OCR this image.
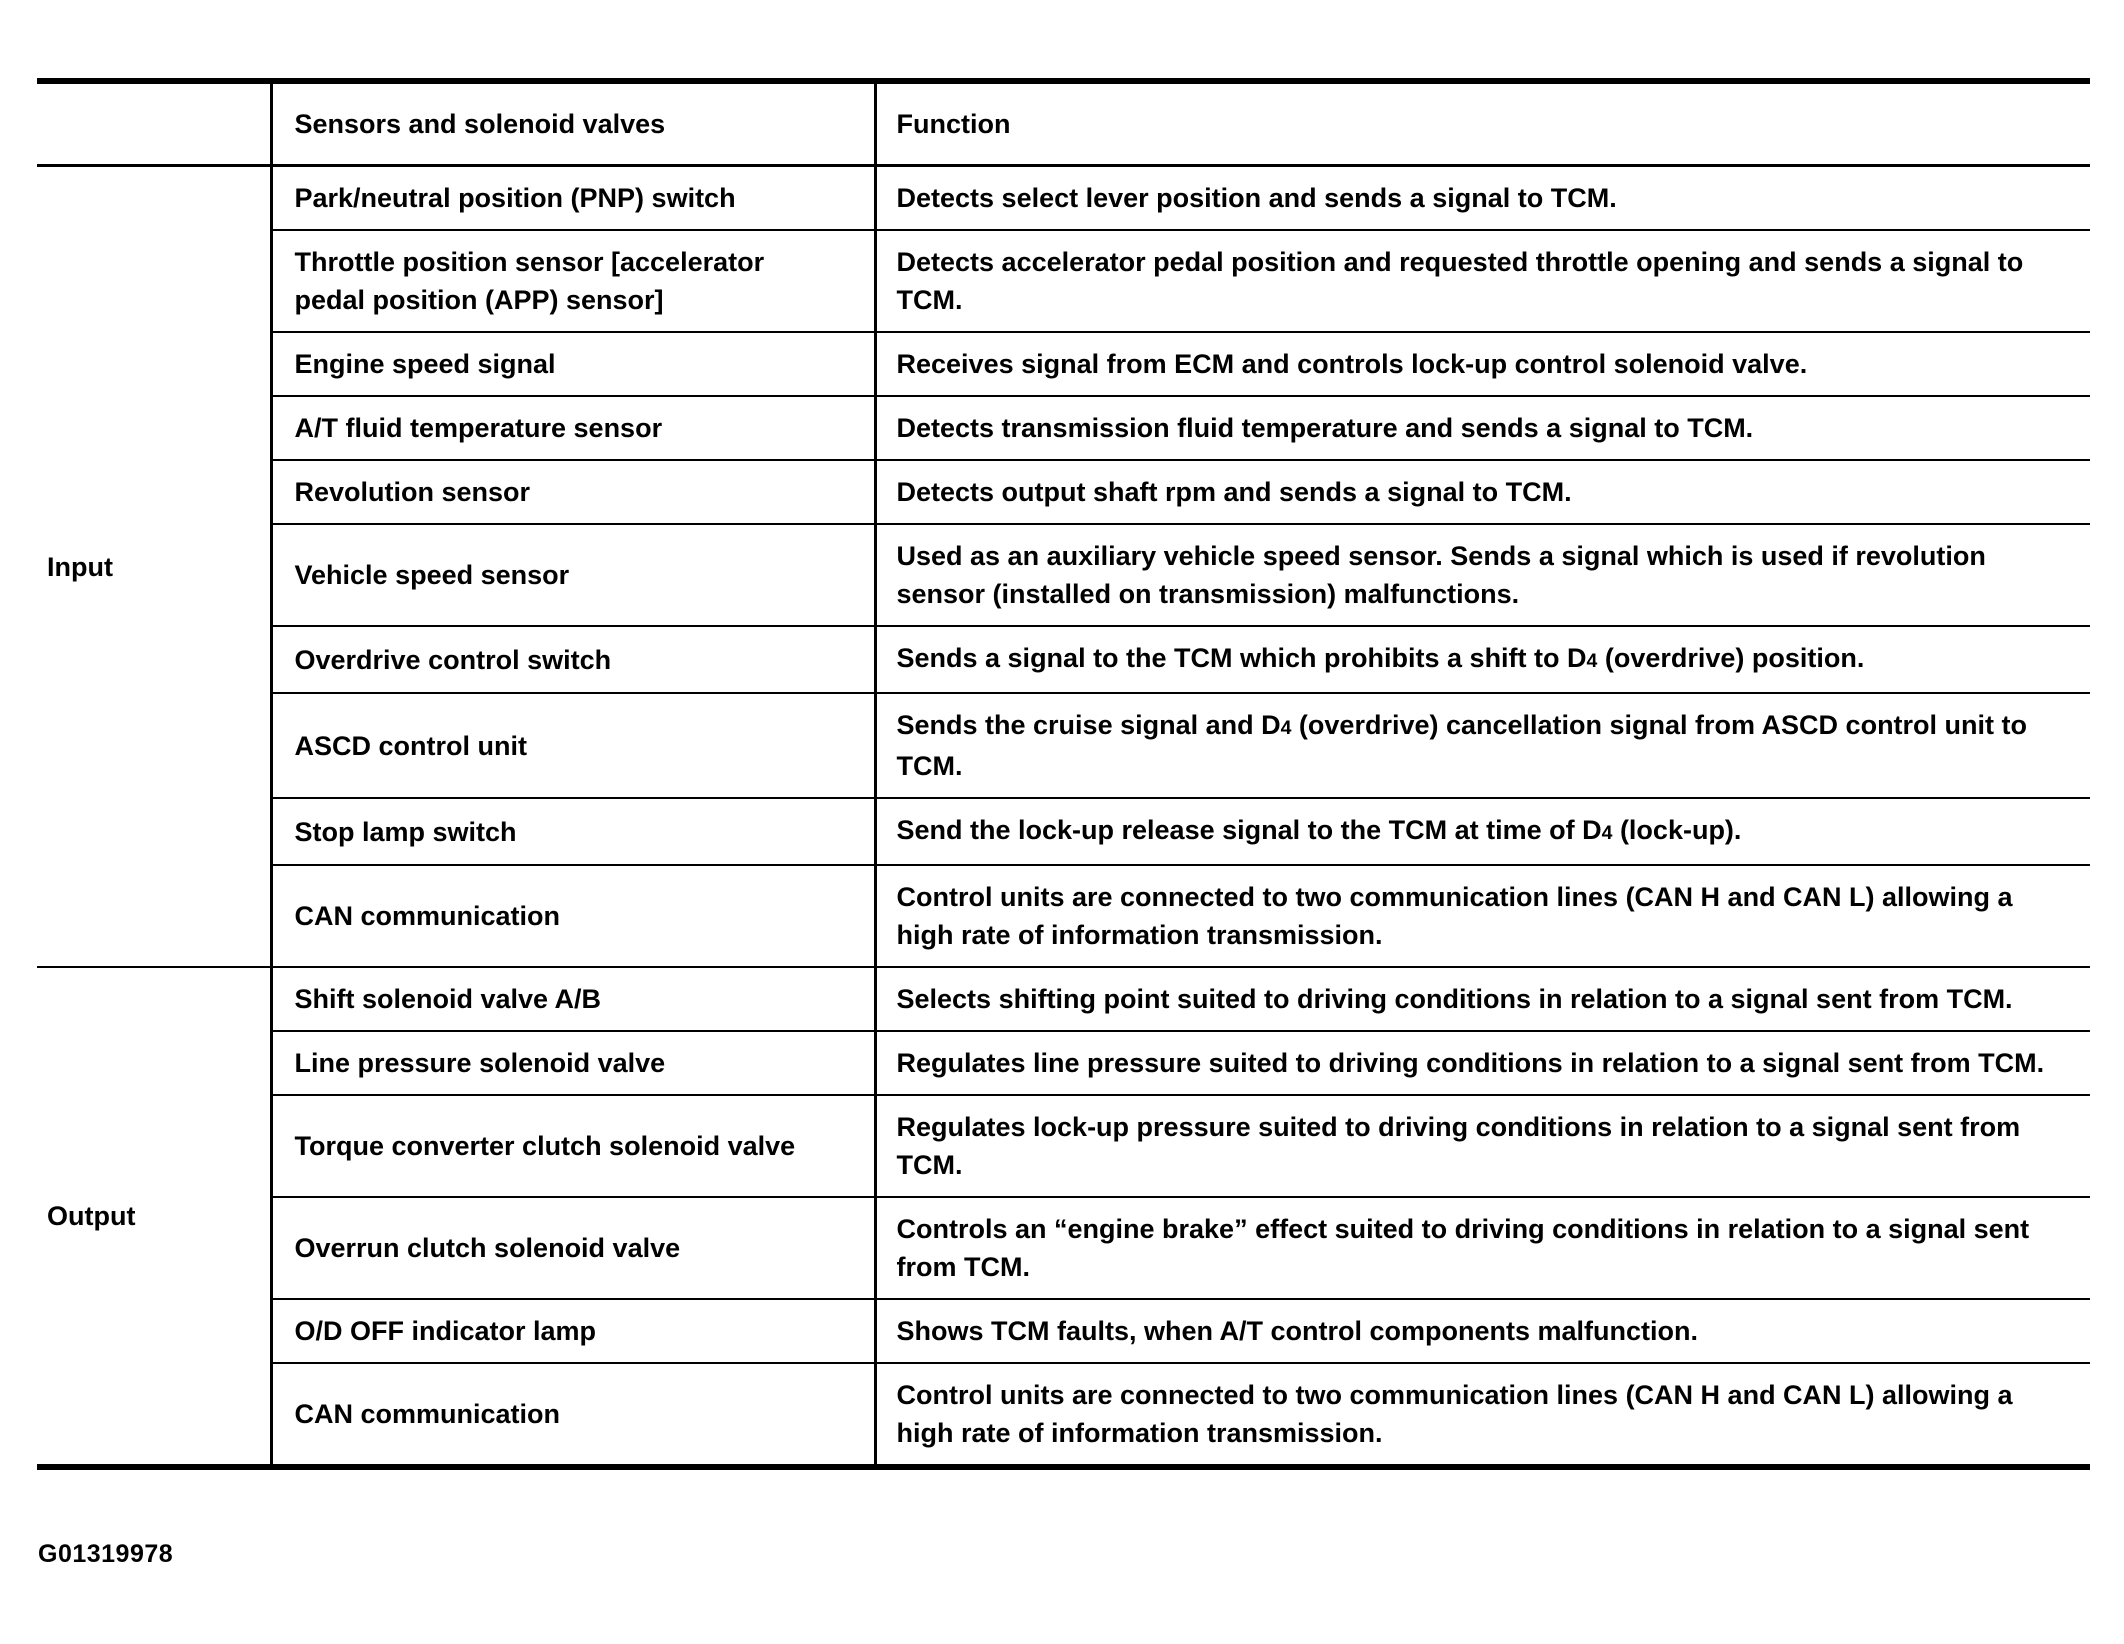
	Sensors and solenoid valves	Function
Input	Park/neutral position (PNP) switch	Detects select lever position and sends a signal to TCM.
	Throttle position sensor [accelerator pedal position (APP) sensor]	Detects accelerator pedal position and requested throttle opening and sends a signal to TCM.
	Engine speed signal	Receives signal from ECM and controls lock-up control solenoid valve.
	A/T fluid temperature sensor	Detects transmission fluid temperature and sends a signal to TCM.
	Revolution sensor	Detects output shaft rpm and sends a signal to TCM.
	Vehicle speed sensor	Used as an auxiliary vehicle speed sensor. Sends a signal which is used if revolution sensor (installed on transmission) malfunctions.
	Overdrive control switch	Sends a signal to the TCM which prohibits a shift to D4 (overdrive) position.
	ASCD control unit	Sends the cruise signal and D4 (overdrive) cancellation signal from ASCD control unit to TCM.
	Stop lamp switch	Send the lock-up release signal to the TCM at time of D4 (lock-up).
	CAN communication	Control units are connected to two communication lines (CAN H and CAN L) allowing a high rate of information transmission.
Output	Shift solenoid valve A/B	Selects shifting point suited to driving conditions in relation to a signal sent from TCM.
	Line pressure solenoid valve	Regulates line pressure suited to driving conditions in relation to a signal sent from TCM.
	Torque converter clutch solenoid valve	Regulates lock-up pressure suited to driving conditions in relation to a signal sent from TCM.
	Overrun clutch solenoid valve	Controls an “engine brake” effect suited to driving conditions in relation to a signal sent from TCM.
	O/D OFF indicator lamp	Shows TCM faults, when A/T control components malfunction.
	CAN communication	Control units are connected to two communication lines (CAN H and CAN L) allowing a high rate of information transmission.
G01319978
